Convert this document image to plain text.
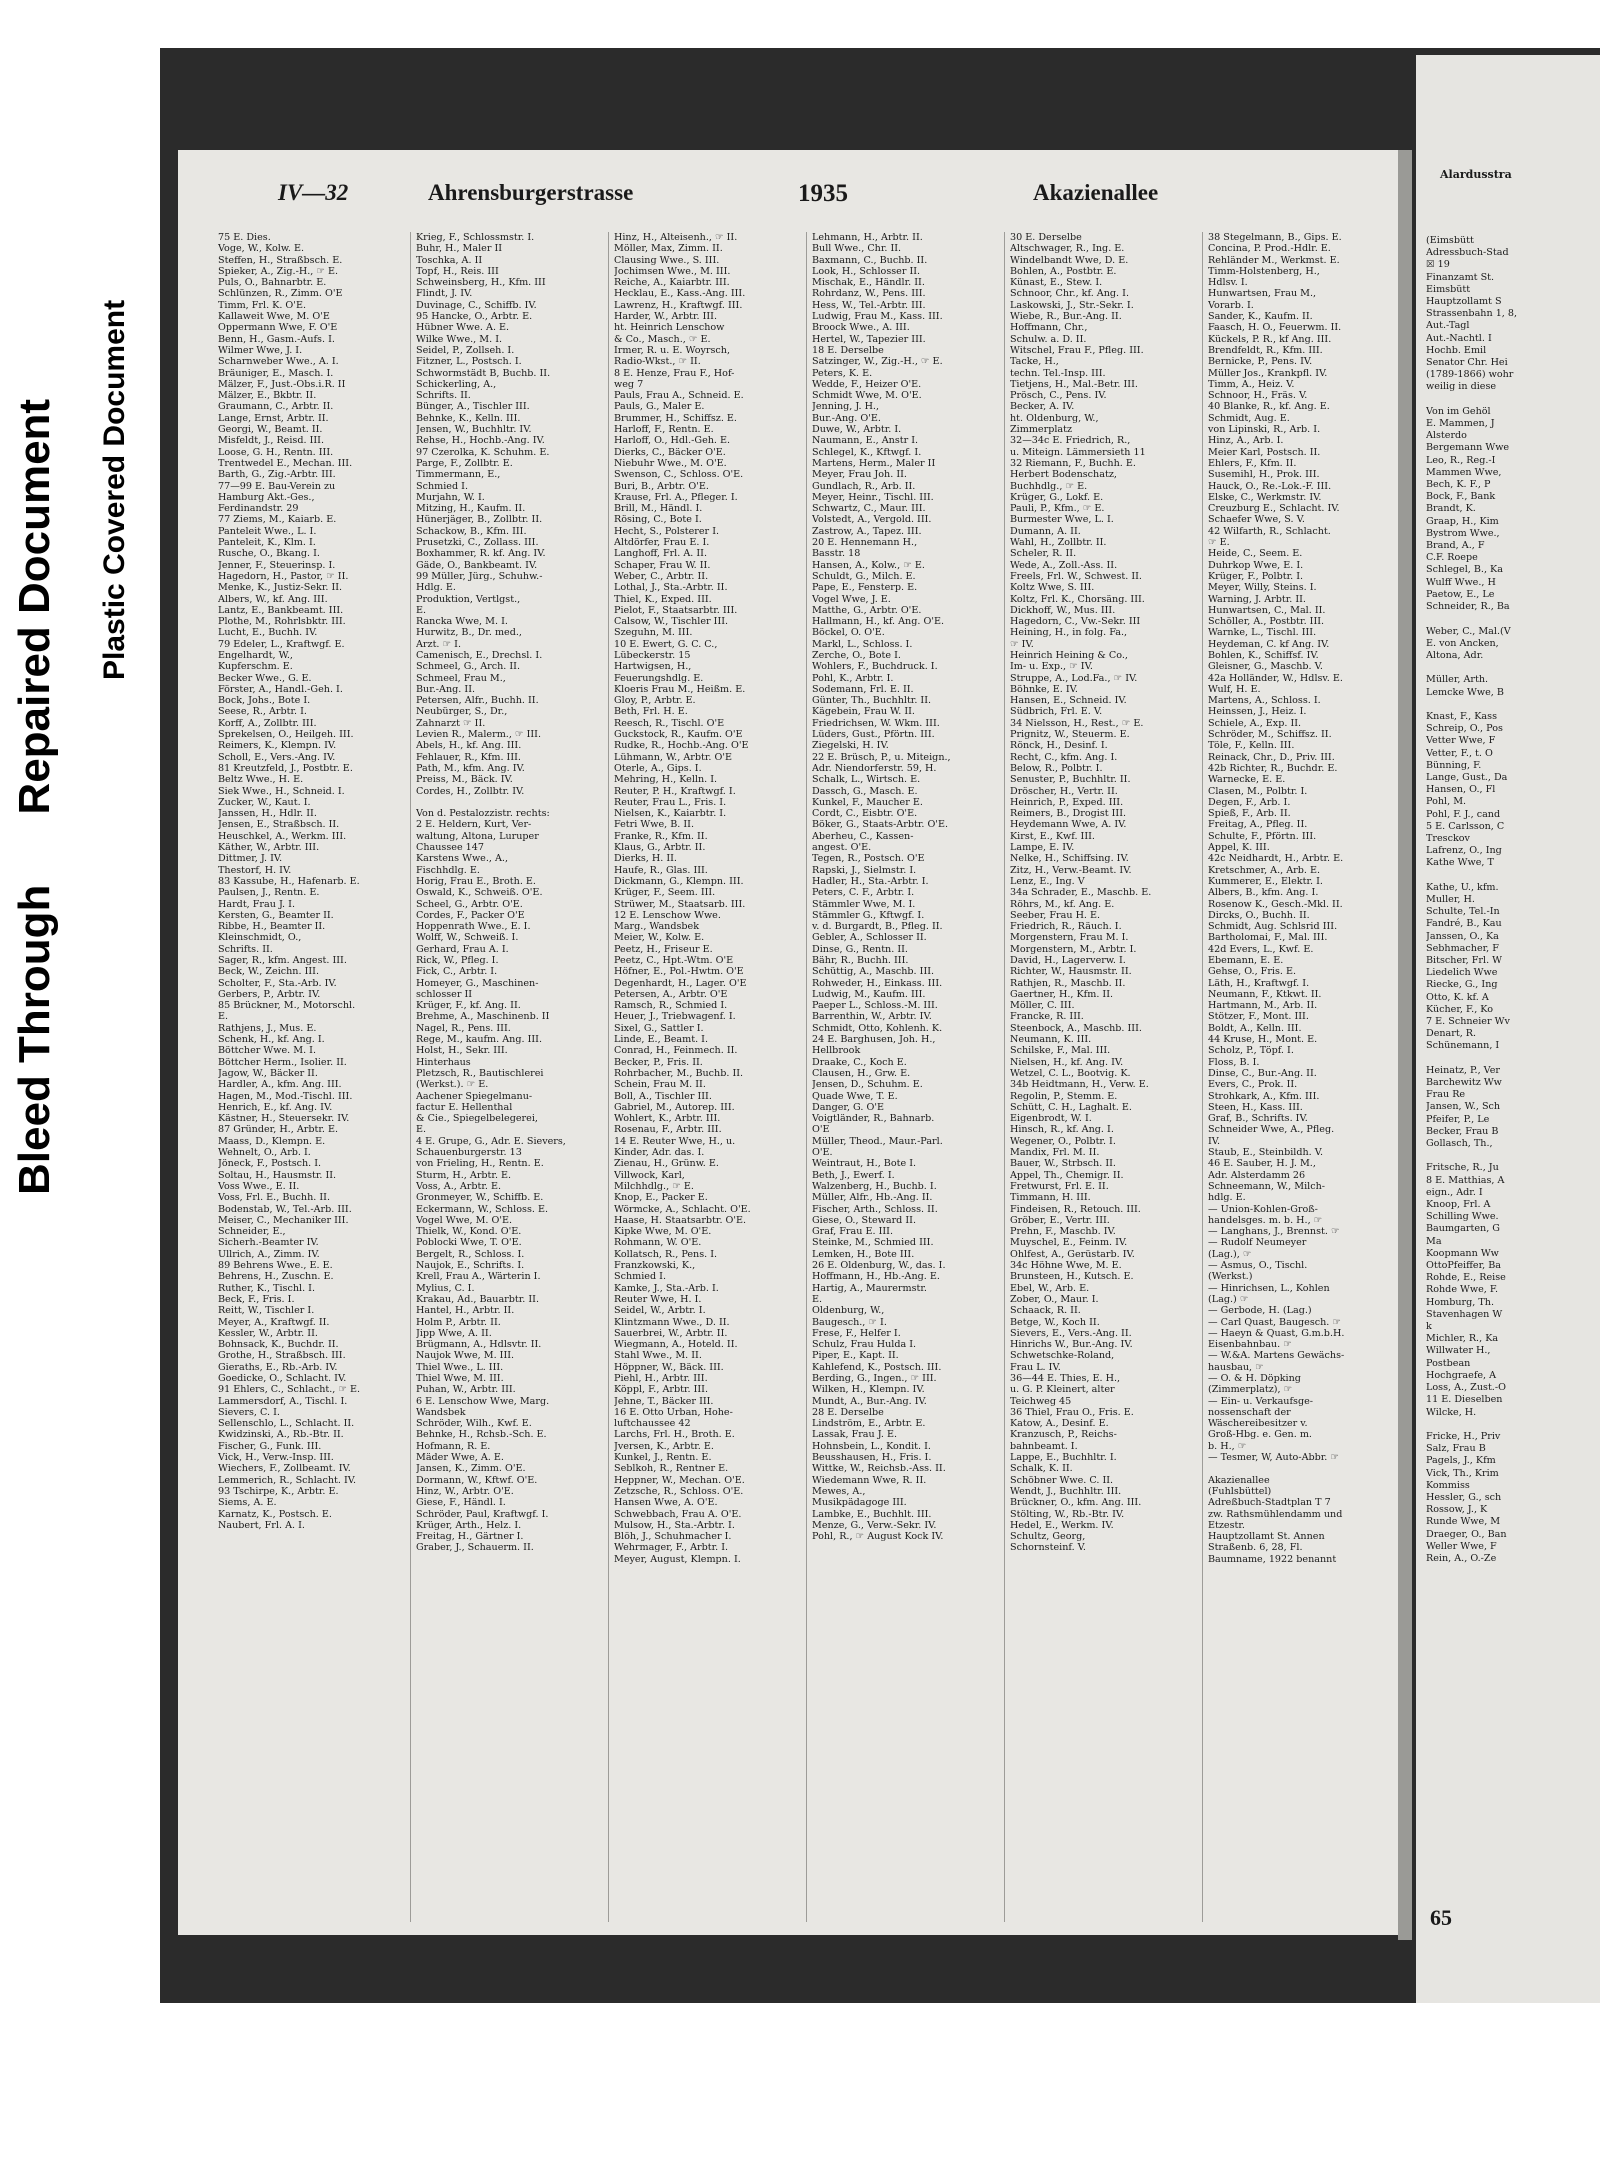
Bleed ThroughRepaired Document Plastic Covered Document
IV—32	Ahrensburgerstrasse	1935	Akazienallee
75 E. Dies.
Voge, W., Kolw. E.
Steffen, H., Straßbsch. E.
Spieker, A., Zig.-H., ☞ E.
Puls, O., Bahnarbtr. E.
Schlünzen, R., Zimm. O'E
Timm, Frl. K. O'E.
Kallaweit Wwe, M. O'E
Oppermann Wwe, F. O'E
Benn, H., Gasm.-Aufs. I.
Wilmer Wwe, J. I.
Scharnweber Wwe., A. I.
Bräuniger, E., Masch. I.
Mälzer, F., Just.-Obs.i.R. II
Mälzer, E., Bkbtr. II.
Graumann, C., Arbtr. II.
Lange, Ernst, Arbtr. II.
Georgi, W., Beamt. II.
Misfeldt, J., Reisd. III.
Loose, G. H., Rentn. III.
Trentwedel E., Mechan. III.
Barth, G., Zig.-Arbtr. III.
77—99 E. Bau-Verein zu
Hamburg Akt.-Ges.,
Ferdinandstr. 29
77 Ziems, M., Kaiarb. E.
Panteleit Wwe., L. I.
Panteleit, K., Klm. I.
Rusche, O., Bkang. I.
Jenner, F., Steuerinsp. I.
Hagedorn, H., Pastor, ☞ II.
Menke, K., Justiz-Sekr. II.
Albers, W., kf. Ang. III.
Lantz, E., Bankbeamt. III.
Plothe, M., Rohrlsbktr. III.
Lucht, E., Buchh. IV.
79 Edeler, L., Kraftwgf. E.
Engelhardt, W.,
Kupferschm. E.
Becker Wwe., G. E.
Förster, A., Handl.-Geh. I.
Bock, Johs., Bote I.
Seese, R., Arbtr. I.
Korff, A., Zollbtr. III.
Sprekelsen, O., Heilgeh. III.
Reimers, K., Klempn. IV.
Scholl, E., Vers.-Ang. IV.
81 Kreutzfeld, J., Postbtr. E.
Beltz Wwe., H. E.
Siek Wwe., H., Schneid. I.
Zucker, W., Kaut. I.
Janssen, H., Hdlr. II.
Jensen, E., Straßbsch. II.
Heuschkel, A., Werkm. III.
Käther, W., Arbtr. III.
Dittmer, J. IV.
Thestorf, H. IV.
83 Kassube, H., Hafenarb. E.
Paulsen, J., Rentn. E.
Hardt, Frau J. I.
Kersten, G., Beamter II.
Ribbe, H., Beamter II.
Kleinschmidt, O.,
Schrifts. II.
Sager, R., kfm. Angest. III.
Beck, W., Zeichn. III.
Scholter, F., Sta.-Arb. IV.
Gerbers, P., Arbtr. IV.
85 Brückner, M., Motorschl.
E.
Rathjens, J., Mus. E.
Schenk, H., kf. Ang. I.
Böttcher Wwe. M. I.
Böttcher Herm., Isolier. II.
Jagow, W., Bäcker II.
Hardler, A., kfm. Ang. III.
Hagen, M., Mod.-Tischl. III.
Henrich, E., kf. Ang. IV.
Kästner, H., Steuersekr. IV.
87 Gründer, H., Arbtr. E.
Maass, D., Klempn. E.
Wehnelt, O., Arb. I.
Jöneck, F., Postsch. I.
Soltau, H., Hausmstr. II.
Voss Wwe., E. II.
Voss, Frl. E., Buchh. II.
Bodenstab, W., Tel.-Arb. III.
Meiser, C., Mechaniker III.
Schneider, E.,
Sicherh.-Beamter IV.
Ullrich, A., Zimm. IV.
89 Behrens Wwe., E. E.
Behrens, H., Zuschn. E.
Ruther, K., Tischl. I.
Beck, F., Fris. I.
Reitt, W., Tischler I.
Meyer, A., Kraftwgf. II.
Kessler, W., Arbtr. II.
Bohnsack, K., Buchdr. II.
Grothe, H., Straßbsch. III.
Gieraths, E., Rb.-Arb. IV.
Goedicke, O., Schlacht. IV.
91 Ehlers, C., Schlacht., ☞ E.
Lammersdorf, A., Tischl. I.
Sievers, C. I.
Sellenschlo, L., Schlacht. II.
Kwidzinski, A., Rb.-Btr. II.
Fischer, G., Funk. III.
Vick, H., Verw.-Insp. III.
Wiechers, F., Zollbeamt. IV.
Lemmerich, R., Schlacht. IV.
93 Tschirpe, K., Arbtr. E.
Siems, A. E.
Karnatz, K., Postsch. E.
Naubert, Frl. A. I.
Krieg, F., Schlossmstr. I.
Buhr, H., Maler II
Toschka, A. II
Topf, H., Reis. III
Schweinsberg, H., Kfm. III
Flindt, J. IV.
Duvinage, C., Schiffb. IV.
95 Hancke, O., Arbtr. E.
Hübner Wwe. A. E.
Wilke Wwe., M. I.
Seidel, P., Zollseh. I.
Fitzner, L., Postsch. I.
Schwormstädt B, Buchb. II.
Schickerling, A.,
Schrifts. II.
Bünger, A., Tischler III.
Behnke, K., Kelln. III.
Jensen, W., Buchhltr. IV.
Rehse, H., Hochb.-Ang. IV.
97 Czerolka, K. Schuhm. E.
Parge, F., Zollbtr. E.
Timmermann, E.,
Schmied I.
Murjahn, W. I.
Mitzing, H., Kaufm. II.
Hünerjäger, B., Zollbtr. II.
Schackow, B., Kfm. III.
Prusetzki, C., Zollass. III.
Boxhammer, R. kf. Ang. IV.
Gäde, O., Bankbeamt. IV.
99 Müller, Jürg., Schuhw.-
Hdlg. E.
Produktion, Vertlgst.,
E.
Rancka Wwe, M. I.
Hurwitz, B., Dr. med.,
Arzt. ☞ I.
Camenisch, E., Drechsl. I.
Schmeel, G., Arch. II.
Schmeel, Frau M.,
Bur.-Ang. II.
Petersen, Alfr., Buchh. II.
Neubürger, S., Dr.,
Zahnarzt ☞ II.
Levien R., Malerm., ☞ III.
Abels, H., kf. Ang. III.
Fehlauer, R., Kfm. III.
Path, M., kfm. Ang. IV.
Preiss, M., Bäck. IV.
Cordes, H., Zollbtr. IV.

Von d. Pestalozzistr. rechts:
2 E. Heldern, Kurt, Ver-
waltung, Altona, Luruper
Chaussee 147
Karstens Wwe., A.,
Fischhdlg. E.
Horig, Frau E., Broth. E.
Oswald, K., Schweiß. O'E.
Scheel, G., Arbtr. O'E.
Cordes, F., Packer O'E
Hoppenrath Wwe., E. I.
Wolff, W., Schweiß. I.
Gerhard, Frau A. I.
Rick, W., Pfleg. I.
Fick, C., Arbtr. I.
Homeyer, G., Maschinen-
schlosser II
Krüger, F., kf. Ang. II.
Brehme, A., Maschinenb. II
Nagel, R., Pens. III.
Rege, M., kaufm. Ang. III.
Holst, H., Sekr. III.
Hinterhaus
Pletzsch, R., Bautischlerei
(Werkst.). ☞ E.
Aachener Spiegelmanu-
factur E. Hellenthal
& Cie., Spiegelbelegerei,
E.
4 E. Grupe, G., Adr. E. Sievers,
Schauenburgerstr. 13
von Frieling, H., Rentn. E.
Sturm, H., Arbtr. E.
Voss, A., Arbtr. E.
Gronmeyer, W., Schiffb. E.
Eckermann, W., Schloss. E.
Vogel Wwe, M. O'E.
Thielk, W., Kond. O'E.
Poblocki Wwe, T. O'E.
Bergelt, R., Schloss. I.
Naujok, E., Schrifts. I.
Krell, Frau A., Wärterin I.
Mylius, C. I.
Krakau, Ad., Bauarbtr. II.
Hantel, H., Arbtr. II.
Holm P., Arbtr. II.
Jipp Wwe, A. II.
Brügmann, A., Hdlsvtr. II.
Naujok Wwe, M. III.
Thiel Wwe., L. III.
Thiel Wwe, M. III.
Puhan, W., Arbtr. III.
6 E. Lenschow Wwe, Marg.
Wandsbek
Schröder, Wilh., Kwf. E.
Behnke, H., Rchsb.-Sch. E.
Hofmann, R. E.
Mäder Wwe, A. E.
Jansen, K., Zimm. O'E.
Dormann, W., Kftwf. O'E.
Hinz, W., Arbtr. O'E.
Giese, F., Händl. I.
Schröder, Paul, Kraftwgf. I.
Krüger, Arth., Helz. I.
Freitag, H., Gärtner I.
Graber, J., Schauerm. II.
Hinz, H., Alteisenh., ☞ II.
Möller, Max, Zimm. II.
Clausing Wwe., S. III.
Jochimsen Wwe., M. III.
Reiche, A., Kaiarbtr. III.
Hecklau, E., Kass.-Ang. III.
Lawrenz, H., Kraftwgf. III.
Harder, W., Arbtr. III.
ht. Heinrich Lenschow
& Co., Masch., ☞ E.
Irmer, R. u. E. Woyrsch,
Radio-Wkst., ☞ II.
8 E. Henze, Frau F., Hof-
weg 7
Pauls, Frau A., Schneid. E.
Pauls, G., Maler E.
Brummer, H., Schiffsz. E.
Harloff, F., Rentn. E.
Harloff, O., Hdl.-Geh. E.
Dierks, C., Bäcker O'E.
Niebuhr Wwe., M. O'E.
Swenson, C., Schloss. O'E.
Buri, B., Arbtr. O'E.
Krause, Frl. A., Pfleger. I.
Brill, M., Händl. I.
Rösing, C., Bote I.
Hecht, S., Polsterer I.
Altdörfer, Frau E. I.
Langhoff, Frl. A. II.
Schaper, Frau W. II.
Weber, C., Arbtr. II.
Lothal, J., Sta.-Arbtr. II.
Thiel, K., Exped. III.
Pielot, F., Staatsarbtr. III.
Calsow, W., Tischler III.
Szeguhn, M. III.
10 E. Ewert, G. C. C.,
Lübeckerstr. 15
Hartwigsen, H.,
Feuerungshdlg. E.
Kloeris Frau M., Heißm. E.
Gloy, P., Arbtr. E.
Beth, Frl. H. E.
Reesch, R., Tischl. O'E
Guckstock, R., Kaufm. O'E
Rudke, R., Hochb.-Ang. O'E
Lühmann, W., Arbtr. O'E
Oterle, A., Gips. I.
Mehring, H., Kelln. I.
Reuter, P. H., Kraftwgf. I.
Reuter, Frau L., Fris. I.
Nielsen, K., Kaiarbtr. I.
Fetri Wwe, B. II.
Franke, R., Kfm. II.
Klaus, G., Arbtr. II.
Dierks, H. II.
Haufe, R., Glas. III.
Dickmann, G., Klempn. III.
Krüger, F., Seem. III.
Strüwer, M., Staatsarb. III.
12 E. Lenschow Wwe.
Marg., Wandsbek
Meier, W., Kolw. E.
Peetz, H., Friseur E.
Peetz, C., Hpt.-Wtm. O'E
Höfner, E., Pol.-Hwtm. O'E
Degenhardt, H., Lager. O'E
Petersen, A., Arbtr. O'E
Ramsch, R., Schmied I.
Heuer, J., Triebwagenf. I.
Sixel, G., Sattler I.
Linde, E., Beamt. I.
Conrad, H., Feinmech. II.
Becker, P., Fris. II.
Rohrbacher, M., Buchb. II.
Schein, Frau M. II.
Boll, A., Tischler III.
Gabriel, M., Autorep. III.
Wohlert, K., Arbtr. III.
Rosenau, F., Arbtr. III.
14 E. Reuter Wwe, H., u.
Kinder, Adr. das. I.
Zienau, H., Grünw. E.
Villwock, Karl,
Milchhdlg., ☞ E.
Knop, E., Packer E.
Wörmcke, A., Schlacht. O'E.
Haase, H. Staatsarbtr. O'E.
Kipke Wwe, M. O'E.
Rohmann, W. O'E.
Kollatsch, R., Pens. I.
Franzkowski, K.,
Schmied I.
Kamke, J., Sta.-Arb. I.
Reuter Wwe, H. I.
Seidel, W., Arbtr. I.
Klintzmann Wwe., D. II.
Sauerbrei, W., Arbtr. II.
Wiegmann, A., Hoteld. II.
Stahl Wwe., M. II.
Höppner, W., Bäck. III.
Piehl, H., Arbtr. III.
Köppl, F., Arbtr. III.
Jehne, T., Bäcker III.
16 E. Otto Urban, Hohe-
luftchaussee 42
Larchs, Frl. H., Broth. E.
Jversen, K., Arbtr. E.
Kunkel, J., Rentn. E.
Seblkoh, R., Rentner E.
Heppner, W., Mechan. O'E.
Zetzsche, R., Schloss. O'E.
Hansen Wwe, A. O'E.
Schwebbach, Frau A. O'E.
Mulsow, H., Sta.-Arbtr. I.
Blöh, J., Schuhmacher I.
Wehrmager, F., Arbtr. I.
Meyer, August, Klempn. I.
Lehmann, H., Arbtr. II.
Bull Wwe., Chr. II.
Baxmann, C., Buchb. II.
Look, H., Schlosser II.
Mischak, E., Händlr. II.
Rohrdanz, W., Pens. III.
Hess, W., Tel.-Arbtr. III.
Ludwig, Frau M., Kass. III.
Broock Wwe., A. III.
Hertel, W., Tapezier III.
18 E. Derselbe
Satzinger, W., Zig.-H., ☞ E.
Peters, K. E.
Wedde, F., Heizer O'E.
Schmidt Wwe, M. O'E.
Jenning, J. H.,
Bur.-Ang. O'E.
Duwe, W., Arbtr. I.
Naumann, E., Anstr I.
Schlegel, K., Kftwgf. I.
Martens, Herm., Maler II
Meyer, Frau Joh. II.
Gundlach, R., Arb. II.
Meyer, Heinr., Tischl. III.
Schwartz, C., Maur. III.
Volstedt, A., Vergold. III.
Zastrow, A., Tapez. III.
20 E. Hennemann H.,
Basstr. 18
Hansen, A., Kolw., ☞ E.
Schuldt, G., Milch. E.
Pape, E., Fensterp. E.
Vogel Wwe, J. E.
Matthe, G., Arbtr. O'E.
Hallmann, H., kf. Ang. O'E.
Böckel, O. O'E.
Markl, L., Schloss. I.
Zerche, O., Bote I.
Wohlers, F., Buchdruck. I.
Pohl, K., Arbtr. I.
Sodemann, Frl. E. II.
Günter, Th., Buchhltr. II.
Kägebein, Frau W. II.
Friedrichsen, W. Wkm. III.
Lüders, Gust., Pförtn. III.
Ziegelski, H. IV.
22 E. Brüsch, P., u. Miteign.,
Adr. Niendorferstr. 59, H.
Schalk, L., Wirtsch. E.
Dassch, G., Masch. E.
Kunkel, F., Maucher E.
Cordt, C., Eisbtr. O'E.
Böker, G., Staats-Arbtr. O'E.
Aberheu, C., Kassen-
angest. O'E.
Tegen, R., Postsch. O'E
Rapski, J., Sielmstr. I.
Hadler, H., Sta.-Arbtr. I.
Peters, C. F., Arbtr. I.
Stämmler Wwe, M. I.
Stämmler G., Kftwgf. I.
v. d. Burgardt, B., Pfleg. II.
Gebler, A., Schlosser II.
Dinse, G., Rentn. II.
Bähr, R., Buchh. III.
Schüttig, A., Maschb. III.
Rohweder, H., Einkass. III.
Ludwig, M., Kaufm. III.
Paeper L., Schloss.-M. III.
Barrenthin, W., Arbtr. IV.
Schmidt, Otto, Kohlenh. K.
24 E. Barghusen, Joh. H.,
Hellbrook
Draake, C., Koch E.
Clausen, H., Grw. E.
Jensen, D., Schuhm. E.
Quade Wwe, T. E.
Danger, G. O'E
Voigtländer, R., Bahnarb.
O'E
Müller, Theod., Maur.-Parl.
O'E.
Weintraut, H., Bote I.
Beth, J., Ewerf. I.
Walzenberg, H., Buchb. I.
Müller, Alfr., Hb.-Ang. II.
Fischer, Arth., Schloss. II.
Giese, O., Steward II.
Graf, Frau E. III.
Steinke, M., Schmied III.
Lemken, H., Bote III.
26 E. Oldenburg, W., das. I.
Hoffmann, H., Hb.-Ang. E.
Hartig, A., Maurermstr.
E.
Oldenburg, W.,
Baugesch., ☞ I.
Frese, F., Helfer I.
Schulz, Frau Hulda I.
Piper, E., Kapt. II.
Kahlefend, K., Postsch. III.
Berding, G., Ingen., ☞ III.
Wilken, H., Klempn. IV.
Mundt, A., Bur.-Ang. IV.
28 E. Derselbe
Lindström, E., Arbtr. E.
Lassak, Frau J. E.
Hohnsbein, L., Kondit. I.
Beusshausen, H., Fris. I.
Wittke, W., Reichsb.-Ass. II.
Wiedemann Wwe, R. II.
Mewes, A.,
Musikpädagoge III.
Lambke, E., Buchhlt. III.
Menze, G., Verw.-Sekr. IV.
Pohl, R., ☞ August Kock IV.
30 E. Derselbe
Altschwager, R., Ing. E.
Windelbandt Wwe, D. E.
Bohlen, A., Postbtr. E.
Künast, E., Stew. I.
Schnoor, Chr., kf. Ang. I.
Laskowski, J., Str.-Sekr. I.
Wiebe, R., Bur.-Ang. II.
Hoffmann, Chr.,
Schulw. a. D. II.
Witschel, Frau F., Pfleg. III.
Tacke, H.,
techn. Tel.-Insp. III.
Tietjens, H., Mal.-Betr. III.
Prösch, C., Pens. IV.
Becker, A. IV.
ht. Oldenburg, W.,
Zimmerplatz
32—34c E. Friedrich, R.,
u. Miteign. Lämmersieth 11
32 Riemann, F., Buchh. E.
Herbert Bodenschatz,
Buchhdlg., ☞ E.
Krüger, G., Lokf. E.
Pauli, P., Kfm., ☞ E.
Burmester Wwe, L. I.
Dumann, A. II.
Wahl, H., Zollbtr. II.
Scheler, R. II.
Wede, A., Zoll.-Ass. II.
Freels, Frl. W., Schwest. II.
Koltz Wwe, S. III.
Koltz, Frl. K., Chorsäng. III.
Dickhoff, W., Mus. III.
Hagedorn, C., Vw.-Sekr. III
Heining, H., in folg. Fa.,
☞ IV.
Heinrich Heining & Co.,
Im- u. Exp., ☞ IV.
Struppe, A., Lod.Fa., ☞ IV.
Böhnke, E. IV.
Hansen, E., Schneid. IV.
Südbrich, Frl. E. V.
34 Nielsson, H., Rest., ☞ E.
Prignitz, W., Steuerm. E.
Rönck, H., Desinf. I.
Recht, C., kfm. Ang. I.
Below, R., Polbtr. I.
Senuster, P., Buchhltr. II.
Dröscher, H., Vertr. II.
Heinrich, P., Exped. III.
Reimers, B., Drogist III.
Heydemann Wwe, A. IV.
Kirst, E., Kwf. III.
Lampe, E. IV.
Nelke, H., Schiffsing. IV.
Zitz, H., Verw.-Beamt. IV.
Lenz, E., Ing. V
34a Schrader, E., Maschb. E.
Röhrs, M., kf. Ang. E.
Seeber, Frau H. E.
Friedrich, R., Räuch. I.
Morgenstern, Frau M. I.
Morgenstern, M., Arbtr. I.
David, H., Lagerverw. I.
Richter, W., Hausmstr. II.
Rathjen, R., Maschb. II.
Gaertner, H., Kfm. II.
Möller, C. III.
Francke, R. III.
Steenbock, A., Maschb. III.
Neumann, K. III.
Schilske, F., Mal. III.
Nielsen, H., kf. Ang. IV.
Wetzel, C. L., Bootvig. K.
34b Heidtmann, H., Verw. E.
Regolin, P., Stemm. E.
Schütt, C. H., Laghalt. E.
Eigenbrodt, W. I.
Hinsch, R., kf. Ang. I.
Wegener, O., Polbtr. I.
Mandix, Frl. M. II.
Bauer, W., Strbsch. II.
Appel, Th., Chemigr. II.
Fretwurst, Frl. E. II.
Timmann, H. III.
Findeisen, R., Retouch. III.
Gröber, E., Vertr. III.
Prehn, F., Maschb. IV.
Muyschel, E., Feinm. IV.
Ohlfest, A., Gerüstarb. IV.
34c Höhne Wwe, M. E.
Brunsteen, H., Kutsch. E.
Ebel, W., Arb. E.
Zober, O., Maur. I.
Schaack, R. II.
Betge, W., Koch II.
Sievers, E., Vers.-Ang. II.
Hinrichs W., Bur.-Ang. IV.
Schwetschke-Roland,
Frau L. IV.
36—44 E. Thies, E. H.,
u. G. P. Kleinert, alter
Teichweg 45
36 Thiel, Frau O., Fris. E.
Katow, A., Desinf. E.
Kranzusch, P., Reichs-
bahnbeamt. I.
Lappe, E., Buchhltr. I.
Schalk, K. II.
Schöbner Wwe. C. II.
Wendt, J., Buchhltr. III.
Brückner, O., kfm. Ang. III.
Stölting, W., Rb.-Btr. IV.
Hedel, E., Werkm. IV.
Schultz, Georg,
Schornsteinf. V.
38 Stegelmann, B., Gips. E.
Concina, P. Prod.-Hdlr. E.
Rehländer M., Werkmst. E.
Timm-Holstenberg, H.,
Hdlsv. I.
Hunwartsen, Frau M.,
Vorarb. I.
Sander, K., Kaufm. II.
Faasch, H. O., Feuerwm. II.
Kückels, P. R., kf Ang. III.
Brendfeldt, R., Kfm. III.
Bernicke, P., Pens. IV.
Müller Jos., Krankpfl. IV.
Timm, A., Heiz. V.
Schnoor, H., Fräs. V.
40 Blanke, R., kf. Ang. E.
Schmidt, Aug. E.
von Lipinski, R., Arb. I.
Hinz, A., Arb. I.
Meier Karl, Postsch. II.
Ehlers, F., Kfm. II.
Susemihl, H., Prok. III.
Hauck, O., Re.-Lok.-F. III.
Elske, C., Werkmstr. IV.
Creuzburg E., Schlacht. IV.
Schaefer Wwe, S. V.
42 Wilfarth, R., Schlacht.
☞ E.
Heide, C., Seem. E.
Duhrkop Wwe, E. I.
Krüger, F., Polbtr. I.
Meyer, Willy, Steins. I.
Warning, J. Arbtr. II.
Hunwartsen, C., Mal. II.
Schöller, A., Postbtr. III.
Warnke, L., Tischl. III.
Heydeman, C. kf Ang. IV.
Bohlen, K., Schiffsf. IV.
Gleisner, G., Maschb. V.
42a Holländer, W., Hdlsv. E.
Wulf, H. E.
Martens, A., Schloss. I.
Heinssen, J., Heiz. I.
Schiele, A., Exp. II.
Schröder, M., Schiffsz. II.
Töle, F., Kelln. III.
Reinack, Chr., D., Priv. III.
42b Richter, R., Buchdr. E.
Warnecke, E. E.
Clasen, M., Polbtr. I.
Degen, F., Arb. I.
Spieß, F., Arb. II.
Freitag, A., Pfleg. II.
Schulte, F., Pförtn. III.
Appel, K. III.
42c Neidhardt, H., Arbtr. E.
Kretschmer, A., Arb. E.
Kummerer, E., Elektr. I.
Albers, B., kfm. Ang. I.
Rosenow K., Gesch.-Mkl. II.
Dircks, O., Buchh. II.
Schmidt, Aug. Schlsrid III.
Bartholomai, F., Mal. III.
42d Evers, L., Kwf. E.
Ebemann, E. E.
Gehse, O., Fris. E.
Läth, H., Kraftwgf. I.
Neumann, F., Ktkwt. II.
Hartmann, M., Arb. II.
Stötzer, F., Mont. III.
Boldt, A., Kelln. III.
44 Kruse, H., Mont. E.
Scholz, P., Töpf. I.
Floss, B. I.
Dinse, C., Bur.-Ang. II.
Evers, C., Prok. II.
Strohkark, A., Kfm. III.
Steen, H., Kass. III.
Graf, B., Schrifts. IV.
Schneider Wwe, A., Pfleg.
IV.
Staub, E., Steinbildh. V.
46 E. Sauber, H. J. M.,
Adr. Alsterdamm 26
Schneemann, W., Milch-
hdlg. E.
— Union-Kohlen-Groß-
handelsges. m. b. H., ☞
— Langhans, J., Brennst. ☞
— Rudolf Neumeyer
(Lag.), ☞
— Asmus, O., Tischl.
(Werkst.)
— Hinrichsen, L., Kohlen
(Lag.) ☞
— Gerbode, H. (Lag.)
— Carl Quast, Baugesch. ☞
— Haeyn & Quast, G.m.b.H.
Eisenbahnbau. ☞
— W.&A. Martens Gewächs-
hausbau, ☞
— O. & H. Döpking
(Zimmerplatz), ☞
— Ein- u. Verkaufsge-
nossenschaft der
Wäschereibesitzer v.
Groß-Hbg. e. Gen. m.
b. H., ☞
— Tesmer, W, Auto-Abbr. ☞

Akazienallee
(Fuhlsbüttel)
Adreßbuch-Stadtplan T 7
zw. Rathsmühlendamm und
Etzestr.
Hauptzollamt St. Annen
Straßenb. 6, 28, Fl.
Baumname, 1922 benannt
Alardusstra
(Eimsbütt
Adressbuch-Stad
☒ 19
Finanzamt St.
Eimsbütt
Hauptzollamt S
Strassenbahn 1, 8,
Aut.-Tagl
Aut.-Nachtl. I
Hochb. Emil
Senator Chr. Hei
(1789-1866) wohr
weilig in diese

Von im Gehöl
E. Mammen, J
Alsterdo
Bergemann Wwe
Leo, R., Reg.-I
Mammen Wwe,
Bech, K. F., P
Bock, F., Bank
Brandt, K.
Graap, H., Kim
Bystrom Wwe.,
Brand, A., F
C.F. Roepe
Schlegel, B., Ka
Wulff Wwe., H
Paetow, E., Le
Schneider, R., Ba

Weber, C., Mal.(V
E. von Ancken,
Altona, Adr.

Müller, Arth.
Lemcke Wwe, B

Knast, F., Kass
Schreip, O., Pos
Vetter Wwe, F
Vetter, F., t. O
Bünning, F.
Lange, Gust., Da
Hansen, O., Fl
Pohl, M.
Pohl, F. J., cand
5 E. Carlsson, C
Tresckov
Lafrenz, O., Ing
Kathe Wwe, T

Kathe, U., kfm.
Muller, H.
Schulte, Tel.-In
Fandré, B., Kau
Janssen, O., Ka
Sebhmacher, F
Bitscher, Frl. W
Liedelich Wwe
Riecke, G., Ing
Otto, K. kf. A
Kücher, F., Ko
7 E. Schneier Wv
Denart, R.
Schünemann, I

Heinatz, P., Ver
Barchewitz Ww
Frau Re
Jansen, W., Sch
Pfeifer, P., Le
Becker, Frau B
Gollasch, Th.,

Fritsche, R., Ju
8 E. Matthias, A
eign., Adr. I
Knoop, Frl. A
Schilling Wwe.
Baumgarten, G
Ma
Koopmann Ww
OttoPfeiffer, Ba
Rohde, E., Reise
Rohde Wwe, F.
Homburg, Th.
Stavenhagen W
k
Michler, R., Ka
Willwater H.,
Postbean
Hochgraefe, A
Loss, A., Zust.-O
11 E. Dieselben
Wilcke, H.

Fricke, H., Priv
Salz, Frau B
Pagels, J., Kfm
Vick, Th., Krim
Kommiss
Hessler, G., sch
Rossow, J., K
Runde Wwe, M
Draeger, O., Ban
Weller Wwe, F
Rein, A., O.-Ze
65
